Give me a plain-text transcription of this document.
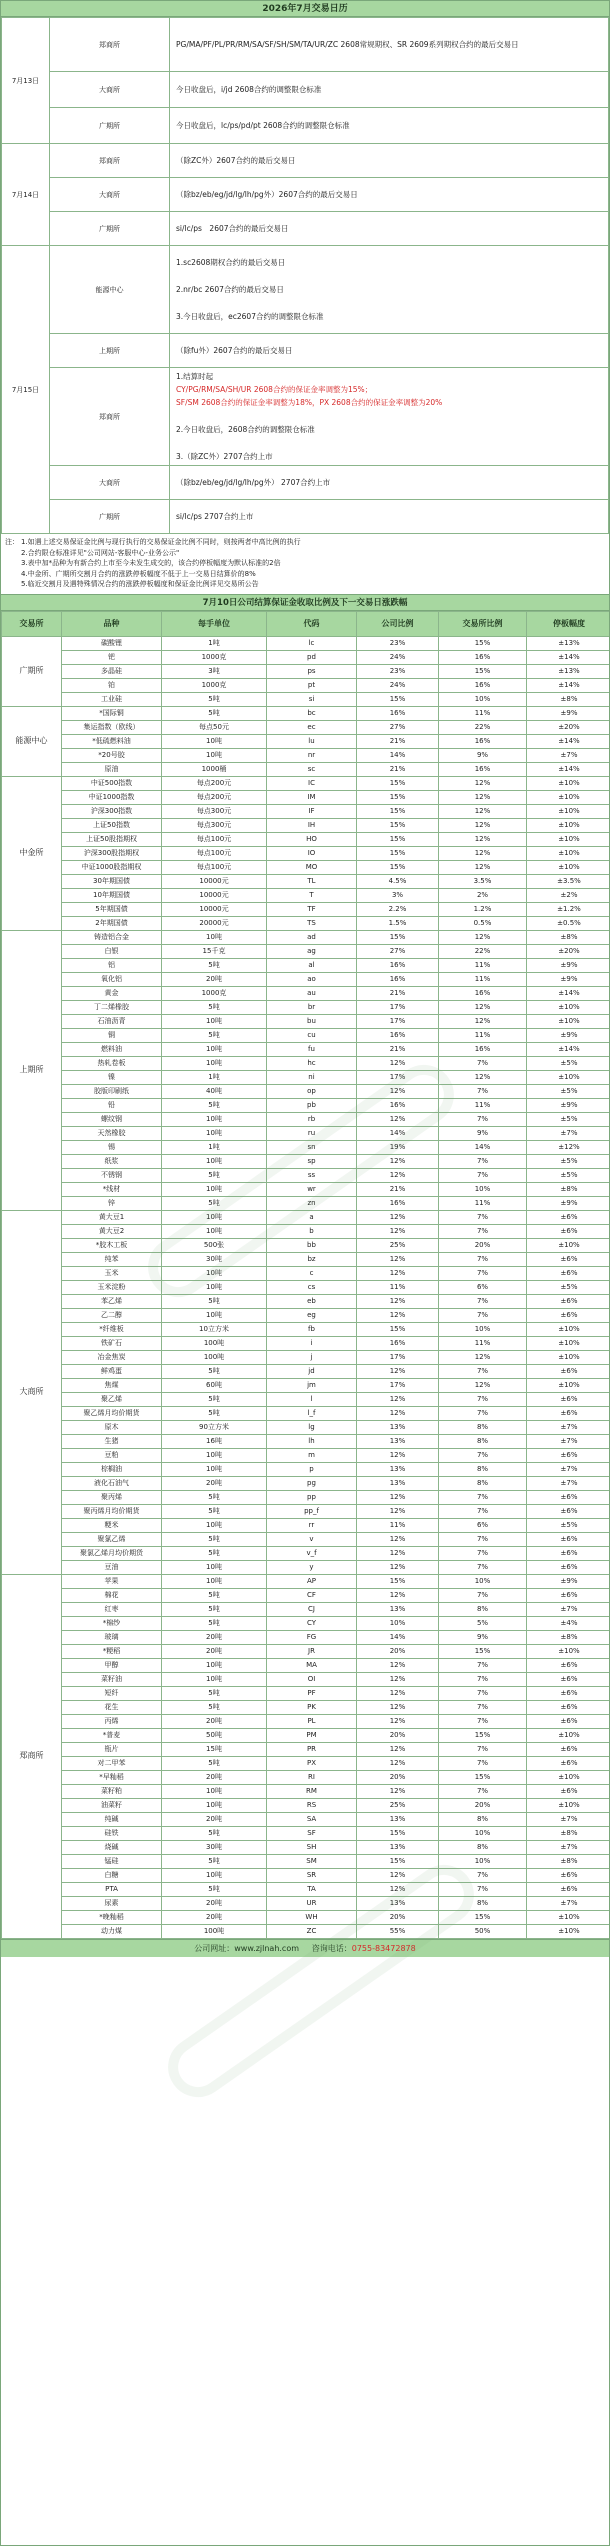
2026年7月交易日历
7月13日	郑商所	PG/MA/PF/PL/PR/RM/SA/SF/SH/SM/TA/UR/ZC 2608常规期权、SR 2609系列期权合约的最后交易日

	大商所	今日收盘后，i/jd 2608合约的调整限仓标准

	广期所	今日收盘后，lc/ps/pd/pt 2608合约的调整限仓标准

7月14日	郑商所	（除ZC外）2607合约的最后交易日

	大商所	（除bz/eb/eg/jd/lg/lh/pg外）2607合约的最后交易日

	广期所	si/lc/ps　2607合约的最后交易日

7月15日	能源中心	1.sc2608期权合约的最后交易日
2.nr/bc 2607合约的最后交易日
3.今日收盘后，ec2607合约的调整限仓标准

	上期所	（除fu外）2607合约的最后交易日

	郑商所	1.结算时起
CY/PG/RM/SA/SH/UR 2608合约的保证金率调整为15%；
SF/SM 2608合约的保证金率调整为18%，PX 2608合约的保证金率调整为20%
2.今日收盘后，2608合约的调整限仓标准
3.（除ZC外）2707合约上市

	大商所	（除bz/eb/eg/jd/lg/lh/pg外） 2707合约上市

	广期所	si/lc/ps 2707合约上市
注： 1.如遇上述交易保证金比例与现行执行的交易保证金比例不同时，则按两者中高比例的执行
2.合约限仓标准详见"公司网站-客服中心-业务公示"
3.表中加*品种为有新合约上市至今未发生成交的，该合约停板幅度为默认标准的2倍
4.中金所、广期所交割月合约的涨跌停板幅度不低于上一交易日结算价的8%
5.临近交割月及遇特殊情况合约的涨跌停板幅度和保证金比例详见交易所公告
7月10日公司结算保证金收取比例及下一交易日涨跌幅
交易所	品种	每手单位	代码	公司比例	交易所比例	停板幅度
广期所	碳酸锂	1吨	lc	23%	15%	±13%
	钯	1000克	pd	24%	16%	±14%
	多晶硅	3吨	ps	23%	15%	±13%
	铂	1000克	pt	24%	16%	±14%
	工业硅	5吨	si	15%	10%	±8%
能源中心	*国际铜	5吨	bc	16%	11%	±9%
	集运指数（欧线）	每点50元	ec	27%	22%	±20%
	*低硫燃料油	10吨	lu	21%	16%	±14%
	*20号胶	10吨	nr	14%	9%	±7%
	原油	1000桶	sc	21%	16%	±14%
中金所	中证500指数	每点200元	IC	15%	12%	±10%
	中证1000指数	每点200元	IM	15%	12%	±10%
	沪深300指数	每点300元	IF	15%	12%	±10%
	上证50指数	每点300元	IH	15%	12%	±10%
	上证50股指期权	每点100元	HO	15%	12%	±10%
	沪深300股指期权	每点100元	IO	15%	12%	±10%
	中证1000股指期权	每点100元	MO	15%	12%	±10%
	30年期国债	10000元	TL	4.5%	3.5%	±3.5%
	10年期国债	10000元	T	3%	2%	±2%
	5年期国债	10000元	TF	2.2%	1.2%	±1.2%
	2年期国债	20000元	TS	1.5%	0.5%	±0.5%
上期所	铸造铝合金	10吨	ad	15%	12%	±8%
	白银	15千克	ag	27%	22%	±20%
	铝	5吨	al	16%	11%	±9%
	氧化铝	20吨	ao	16%	11%	±9%
	黄金	1000克	au	21%	16%	±14%
	丁二烯橡胶	5吨	br	17%	12%	±10%
	石油沥青	10吨	bu	17%	12%	±10%
	铜	5吨	cu	16%	11%	±9%
	燃料油	10吨	fu	21%	16%	±14%
	热轧卷板	10吨	hc	12%	7%	±5%
	镍	1吨	ni	17%	12%	±10%
	胶版印刷纸	40吨	op	12%	7%	±5%
	铅	5吨	pb	16%	11%	±9%
	螺纹钢	10吨	rb	12%	7%	±5%
	天然橡胶	10吨	ru	14%	9%	±7%
	锡	1吨	sn	19%	14%	±12%
	纸浆	10吨	sp	12%	7%	±5%
	不锈钢	5吨	ss	12%	7%	±5%
	*线材	10吨	wr	21%	10%	±8%
	锌	5吨	zn	16%	11%	±9%
大商所	黄大豆1	10吨	a	12%	7%	±6%
	黄大豆2	10吨	b	12%	7%	±6%
	*胶木工板	500张	bb	25%	20%	±10%
	纯苯	30吨	bz	12%	7%	±6%
	玉米	10吨	c	12%	7%	±6%
	玉米淀粉	10吨	cs	11%	6%	±5%
	苯乙烯	5吨	eb	12%	7%	±6%
	乙二醇	10吨	eg	12%	7%	±6%
	*纤维板	10立方米	fb	15%	10%	±10%
	铁矿石	100吨	i	16%	11%	±10%
	冶金焦炭	100吨	j	17%	12%	±10%
	鲜鸡蛋	5吨	jd	12%	7%	±6%
	焦煤	60吨	jm	17%	12%	±10%
	聚乙烯	5吨	l	12%	7%	±6%
	聚乙烯月均价期货	5吨	l_f	12%	7%	±6%
	原木	90立方米	lg	13%	8%	±7%
	生猪	16吨	lh	13%	8%	±7%
	豆粕	10吨	m	12%	7%	±6%
	棕榈油	10吨	p	13%	8%	±7%
	液化石油气	20吨	pg	13%	8%	±7%
	聚丙烯	5吨	pp	12%	7%	±6%
	聚丙烯月均价期货	5吨	pp_f	12%	7%	±6%
	粳米	10吨	rr	11%	6%	±5%
	聚氯乙烯	5吨	v	12%	7%	±6%
	聚氯乙烯月均价期货	5吨	v_f	12%	7%	±6%
	豆油	10吨	y	12%	7%	±6%
郑商所	苹果	10吨	AP	15%	10%	±9%
	棉花	5吨	CF	12%	7%	±6%
	红枣	5吨	CJ	13%	8%	±7%
	*棉纱	5吨	CY	10%	5%	±4%
	玻璃	20吨	FG	14%	9%	±8%
	*粳稻	20吨	JR	20%	15%	±10%
	甲醇	10吨	MA	12%	7%	±6%
	菜籽油	10吨	OI	12%	7%	±6%
	短纤	5吨	PF	12%	7%	±6%
	花生	5吨	PK	12%	7%	±6%
	丙烯	20吨	PL	12%	7%	±6%
	*普麦	50吨	PM	20%	15%	±10%
	瓶片	15吨	PR	12%	7%	±6%
	对二甲苯	5吨	PX	12%	7%	±6%
	*早籼稻	20吨	RI	20%	15%	±10%
	菜籽粕	10吨	RM	12%	7%	±6%
	油菜籽	10吨	RS	25%	20%	±10%
	纯碱	20吨	SA	13%	8%	±7%
	硅铁	5吨	SF	15%	10%	±8%
	烧碱	30吨	SH	13%	8%	±7%
	锰硅	5吨	SM	15%	10%	±8%
	白糖	10吨	SR	12%	7%	±6%
	PTA	5吨	TA	12%	7%	±6%
	尿素	20吨	UR	13%	8%	±7%
	*晚籼稻	20吨	WH	20%	15%	±10%
	动力煤	100吨	ZC	55%	50%	±10%
公司网址：www.zjlnah.com 咨询电话：0755-83472878
